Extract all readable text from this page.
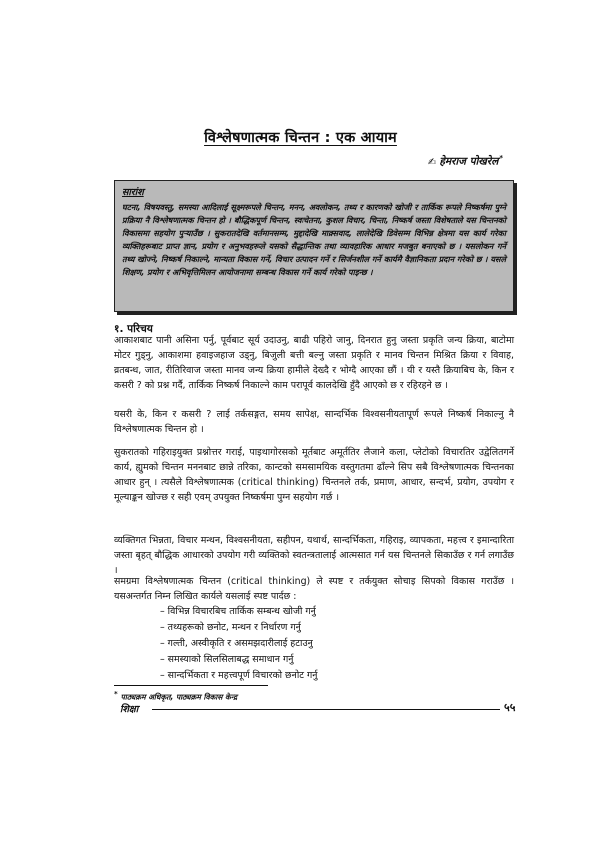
विश्लेषणात्मक चिन्तन : एक आयाम
✍ हेमराज पोखरेल*
सारांश
घटना, विषयवस्तु, समस्या आदिलाई सूक्ष्मरूपले चिन्तन, मनन, अवलोकन, तथ्य र कारणको खोजी र तार्किक रूपले निष्कर्षमा पुग्ने प्रक्रिया नै विश्लेषणात्मक चिन्तन हो । बौद्धिकपूर्ण चिन्तन, स्वःचेतना, कुशल विचार, चिन्ता, निष्कर्ष जस्ता विशेषताले यस चिन्तनको विकासमा सहयोग पुऱ्याउँछ । सुकरातदेखि वर्तमानसम्म, मुद्दादेखि माक्र्सवाद, लालेदेखि डिवेसम्म विभिन्न क्षेत्रमा यस कार्य गरेका व्यक्तिहरूबाट प्राप्त ज्ञान, प्रयोग र अनुभवहरूले यसको सैद्धान्तिक तथा व्यावहारिक आधार मजबुत बनाएको छ । यसलोकन गर्ने तथ्य खोज्ने, निष्कर्ष निकाल्ने, मान्यता विकास गर्ने, विचार उत्पादन गर्ने र सिर्जनशील गर्ने कार्यमै वैज्ञानिकता प्रदान गरेको छ । यसले शिक्षण, प्रयोग र अभिवृत्तिमिलन आयोजनामा सम्बन्ध विकास गर्ने कार्य गरेको पाइन्छ ।
१. परिचय

आकाशबाट पानी असिना पर्नु, पूर्वबाट सूर्य उदाउनु, बाढी पहिरो जानु, दिनरात हुनु जस्ता प्रकृति जन्य क्रिया, बाटोमा मोटर गुड्नु, आकाशमा हवाइजहाज उड्नु, बिजुली बत्ती बल्नु जस्ता प्रकृति र मानव चिन्तन मिश्रित क्रिया र विवाह, व्रतबन्ध, जात, रीतिरिवाज जस्ता मानव जन्य क्रिया हामीले देख्दै र भोग्दै आएका छौं । यी र यस्तै क्रियाबिच के, किन र कसरी ? को प्रश्न गर्दै, तार्किक निष्कर्ष निकाल्ने काम परापूर्व कालदेखि हुँदै आएको छ र रहिरहने छ ।

यसरी के, किन र कसरी ? लाई तर्कसङ्गत, समय सापेक्ष, सान्दर्भिक विश्वसनीयतापूर्ण रूपले निष्कर्ष निकाल्नु नै विश्लेषणात्मक चिन्तन हो ।

सुकरातको गहिराइयुक्त प्रश्नोत्तर गराई, पाइथागोरसको मूर्तबाट अमूर्ततिर लैजाने कला, प्लेटोको विचारतिर उद्वेलितगर्ने कार्य, ह्युमको चिन्तन मननबाट छान्ने तरिका, कान्टको समसामयिक वस्तुगतमा ढाँल्ने सिप सबै विश्लेषणात्मक चिन्तनका आधार हुन् । त्यसैले विश्लेषणात्मक (critical thinking) चिन्तनले तर्क, प्रमाण, आधार, सन्दर्भ, प्रयोग, उपयोग र मूल्याङ्कन खोज्छ र सही एवम् उपयुक्त निष्कर्षमा पुग्न सहयोग गर्छ ।

व्यक्तिगत भिन्नता, विचार मन्थन, विश्वसनीयता, सहीपन, यथार्थ, सान्दर्भिकता, गहिराइ, व्यापकता, महत्त्व र इमान्दारिता जस्ता बृहत् बौद्धिक आधारको उपयोग गरी व्यक्तिको स्वतन्त्रतालाई आत्मसात गर्न यस चिन्तनले सिकाउँछ र गर्न लगाउँछ ।

समग्रमा विश्लेषणात्मक चिन्तन (critical thinking) ले स्पष्ट र तर्कयुक्त सोचाइ सिपको विकास गराउँछ । यसअन्तर्गत निम्न लिखित कार्यले यसलाई स्पष्ट पार्दछ :

– विभिन्न विचारबिच तार्किक सम्बन्ध खोजी गर्नु
– तथ्यहरूको छनोट, मन्थन र निर्धारण गर्नु
– गल्ती, अस्वीकृति र असमझदारीलाई हटाउनु
– समस्याको सिलसिलाबद्ध समाधान गर्नु
– सान्दर्भिकता र महत्त्वपूर्ण विचारको छनोट गर्नु
* पाठ्यक्रम अधिकृत, पाठ्यक्रम विकास केन्द्र
शिक्षा	५५
